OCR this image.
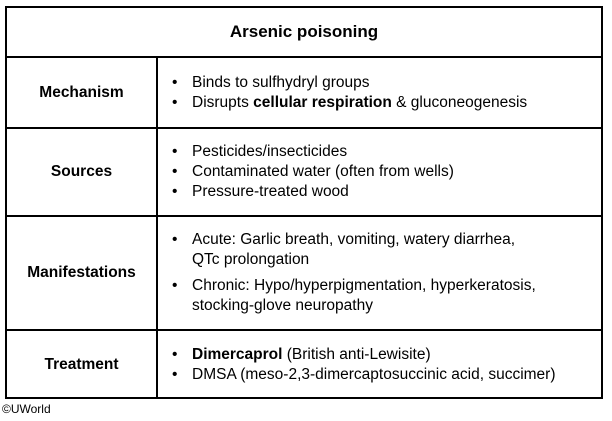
Arsenic poisoning
Mechanism
• Binds to sulfhydryl groups
• Disrupts cellular respiration & gluconeogenesis
Sources
• Pesticides/insecticides
• Contaminated water (often from wells)
• Pressure-treated wood
Manifestations
• Acute: Garlic breath, vomiting, watery diarrhea,
QTc prolongation
• Chronic: Hypo/hyperpigmentation, hyperkeratosis,
stocking-glove neuropathy
Treatment
• Dimercaprol (British anti-Lewisite)
• DMSA (meso-2,3-dimercaptosuccinic acid, succimer)
©UWorld
